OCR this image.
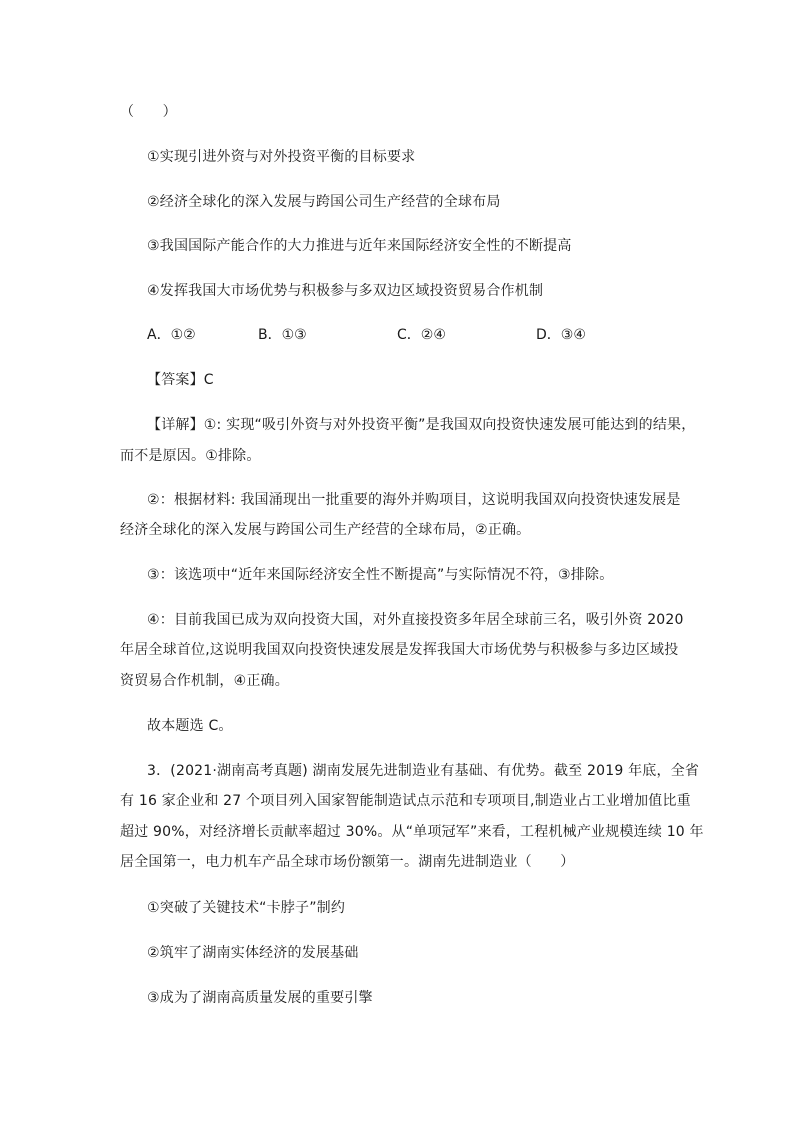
（　　）
①实现引进外资与对外投资平衡的目标要求
②经济全球化的深入发展与跨国公司生产经营的全球布局
③我国国际产能合作的大力推进与近年来国际经济安全性的不断提高
④发挥我国大市场优势与积极参与多双边区域投资贸易合作机制
A．①②	B．①③	C．②④	D．③④
【答案】C
【详解】①: 实现“吸引外资与对外投资平衡”是我国双向投资快速发展可能达到的结果，
而不是原因。①排除。
②：根据材料: 我国涌现出一批重要的海外并购项目，这说明我国双向投资快速发展是
经济全球化的深入发展与跨国公司生产经营的全球布局，②正确。
③：该选项中“近年来国际经济安全性不断提高”与实际情况不符，③排除。
④：目前我国已成为双向投资大国，对外直接投资多年居全球前三名，吸引外资 2020
年居全球首位,这说明我国双向投资快速发展是发挥我国大市场优势与积极参与多边区域投
资贸易合作机制，④正确。
故本题选 C。
3．(2021·湖南高考真题) 湖南发展先进制造业有基础、有优势。截至 2019 年底，全省
有 16 家企业和 27 个项目列入国家智能制造试点示范和专项项目,制造业占工业增加值比重
超过 90%，对经济增长贡献率超过 30%。从“单项冠军”来看，工程机械产业规模连续 10 年
居全国第一，电力机车产品全球市场份额第一。湖南先进制造业（　　）
①突破了关键技术“卡脖子”制约
②筑牢了湖南实体经济的发展基础
③成为了湖南高质量发展的重要引擎
